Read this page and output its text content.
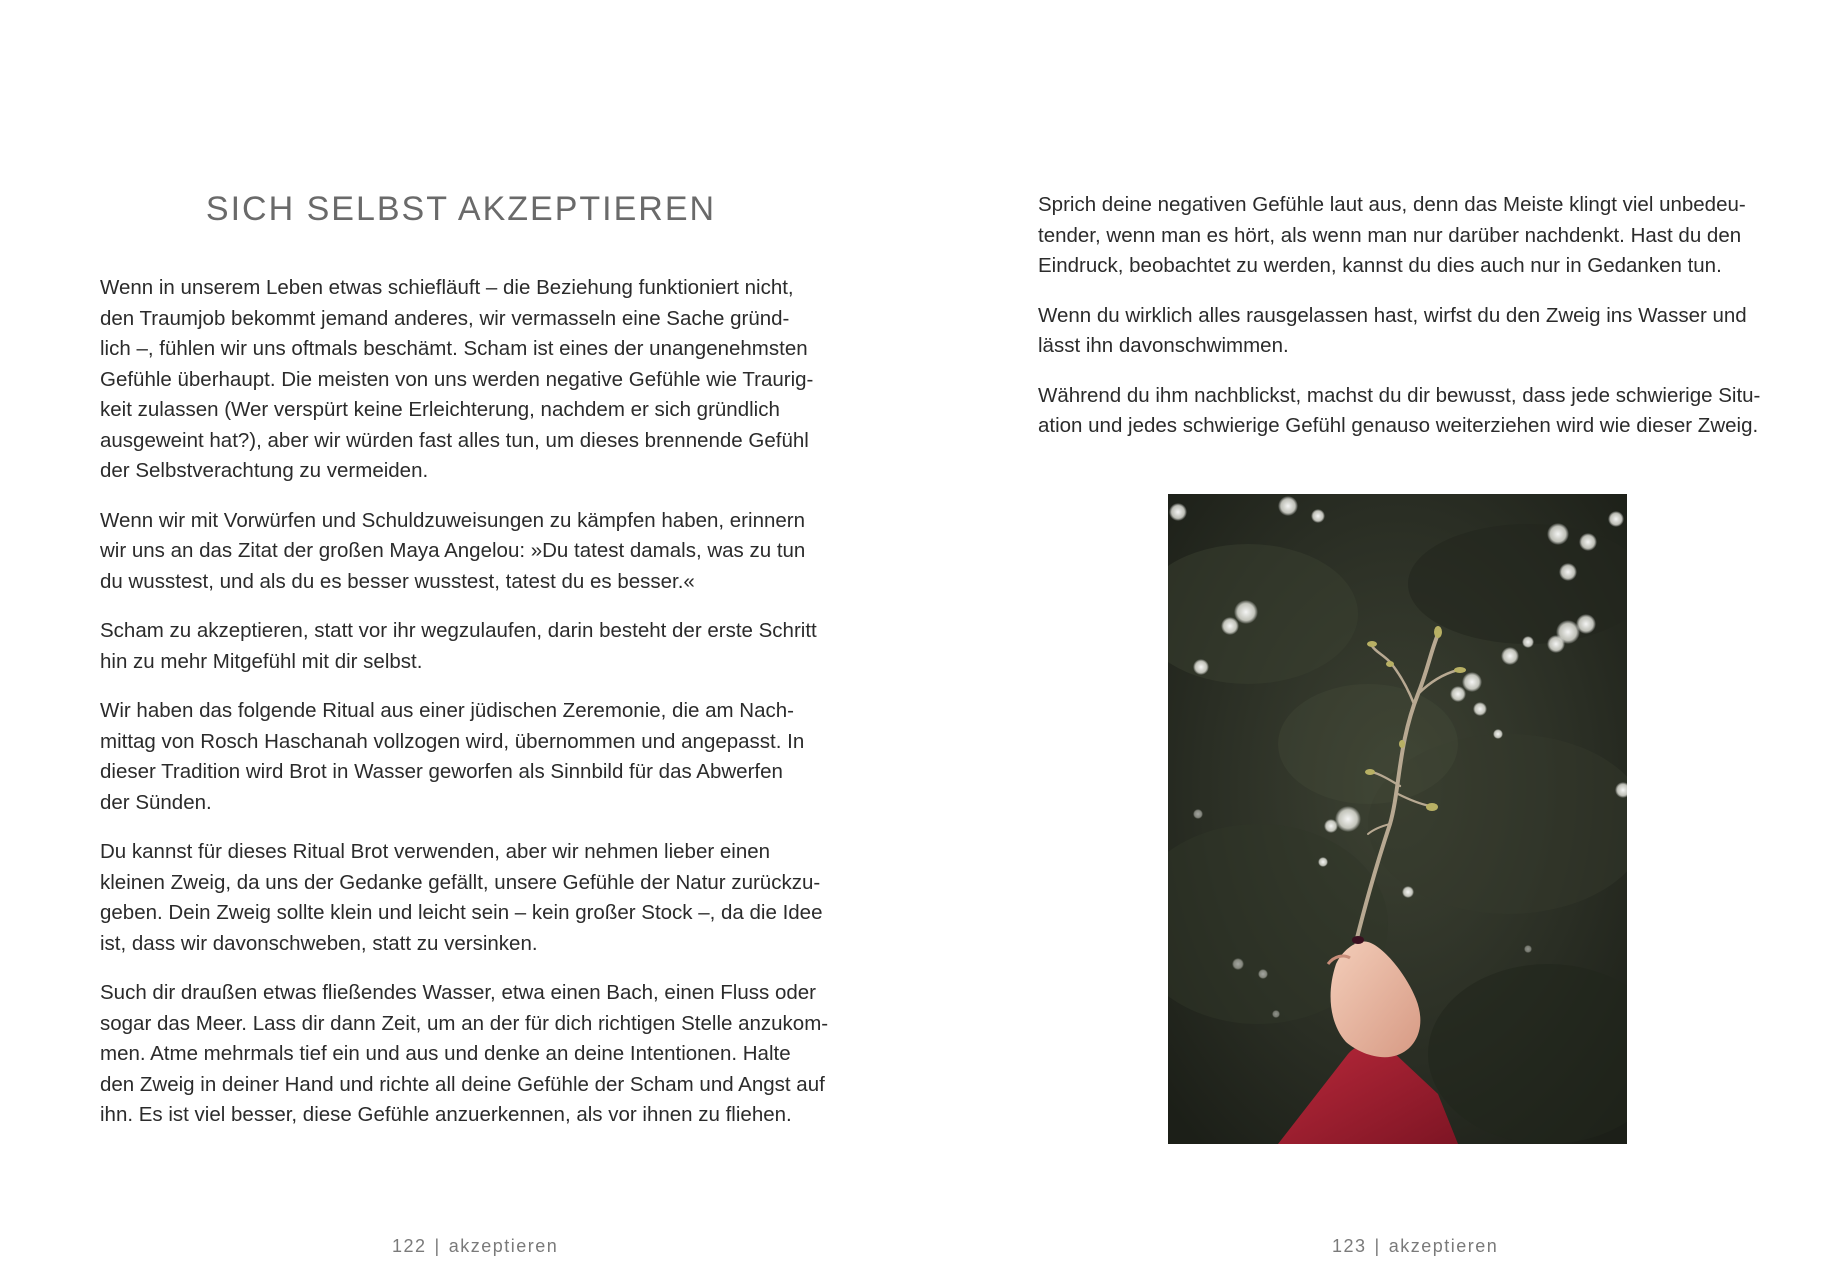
SICH SELBST AKZEPTIEREN

Wenn in unserem Leben etwas schiefläuft – die Beziehung funktioniert nicht,
den Traumjob bekommt jemand anderes, wir vermasseln eine Sache gründ-
lich –, fühlen wir uns oftmals beschämt. Scham ist eines der unangenehmsten
Gefühle überhaupt. Die meisten von uns werden negative Gefühle wie Traurig-
keit zulassen (Wer verspürt keine Erleichterung, nachdem er sich gründlich
ausgeweint hat?), aber wir würden fast alles tun, um dieses brennende Gefühl
der Selbstverachtung zu vermeiden.

Wenn wir mit Vorwürfen und Schuldzuweisungen zu kämpfen haben, erinnern
wir uns an das Zitat der großen Maya Angelou: »Du tatest damals, was zu tun
du wusstest, und als du es besser wusstest, tatest du es besser.«

Scham zu akzeptieren, statt vor ihr wegzulaufen, darin besteht der erste Schritt
hin zu mehr Mitgefühl mit dir selbst.

Wir haben das folgende Ritual aus einer jüdischen Zeremonie, die am Nach-
mittag von Rosch Haschanah vollzogen wird, übernommen und angepasst. In
dieser Tradition wird Brot in Wasser geworfen als Sinnbild für das Abwerfen
der Sünden.

Du kannst für dieses Ritual Brot verwenden, aber wir nehmen lieber einen
kleinen Zweig, da uns der Gedanke gefällt, unsere Gefühle der Natur zurückzu-
geben. Dein Zweig sollte klein und leicht sein – kein großer Stock –, da die Idee
ist, dass wir davonschweben, statt zu versinken.

Such dir draußen etwas fließendes Wasser, etwa einen Bach, einen Fluss oder
sogar das Meer. Lass dir dann Zeit, um an der für dich richtigen Stelle anzukom-
men. Atme mehrmals tief ein und aus und denke an deine Intentionen. Halte
den Zweig in deiner Hand und richte all deine Gefühle der Scham und Angst auf
ihn. Es ist viel besser, diese Gefühle anzuerkennen, als vor ihnen zu fliehen.

122 | akzeptieren

Sprich deine negativen Gefühle laut aus, denn das Meiste klingt viel unbedeu-
tender, wenn man es hört, als wenn man nur darüber nachdenkt. Hast du den
Eindruck, beobachtet zu werden, kannst du dies auch nur in Gedanken tun.

Wenn du wirklich alles rausgelassen hast, wirfst du den Zweig ins Wasser und
lässt ihn davonschwimmen.

Während du ihm nachblickst, machst du dir bewusst, dass jede schwierige Situ-
ation und jedes schwierige Gefühl genauso weiterziehen wird wie dieser Zweig.

123 | akzeptieren
